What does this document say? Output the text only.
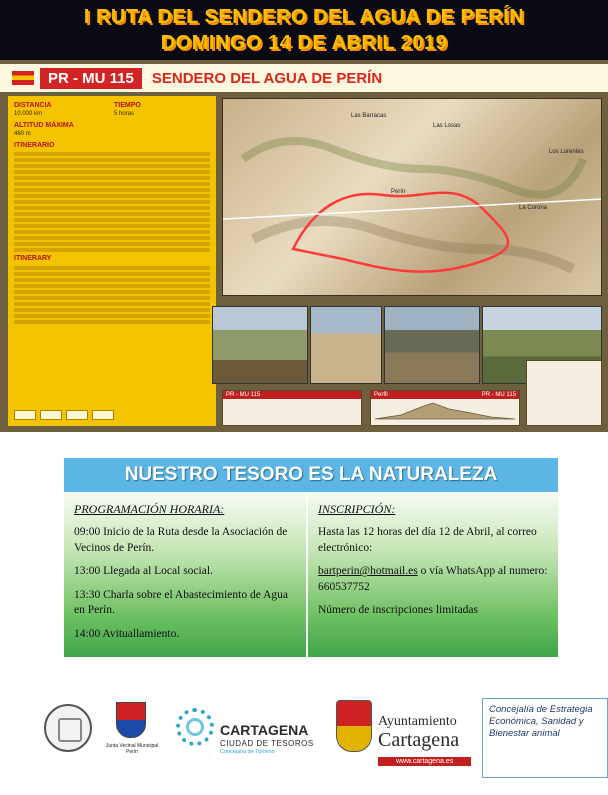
I RUTA DEL SENDERO DEL AGUA DE PERÍN
DOMINGO 14 DE ABRIL 2019
PR - MU 115	SENDERO DEL AGUA DE PERÍN
DISTANCIA
10.000 km
TIEMPO
5 horas
ALTITUD MÁXIMA
460 m
ITINERARIO
ITINERARY
Las Barracas
Las Losas
Perín
La Corona
Los Lorentes
PR - MU 115	Perfil	PR - MU 115
NUESTRO TESORO ES LA NATURALEZA
PROGRAMACIÓN HORARIA:

09:00 Inicio de la Ruta desde la Asociación de Vecinos de Perín.

13:00 Llegada al Local social.

13:30 Charla sobre el Abastecimiento de Agua en Perín.

14:00 Avituallamiento.

INSCRIPCIÓN:

Hasta las 12 horas del día 12 de Abril, al correo electrónico:

bartperin@hotmail.es o vía WhatsApp al numero: 660537752

Número de inscripciones limitadas

Junta Vecinal Municipal Perín
CARTAGENA
CIUDAD DE TESOROS
Concejalía de Turismo
Ayuntamiento
Cartagena
www.cartagena.es
Concejalía de Estrategia Económica, Sanidad y Bienestar animal
